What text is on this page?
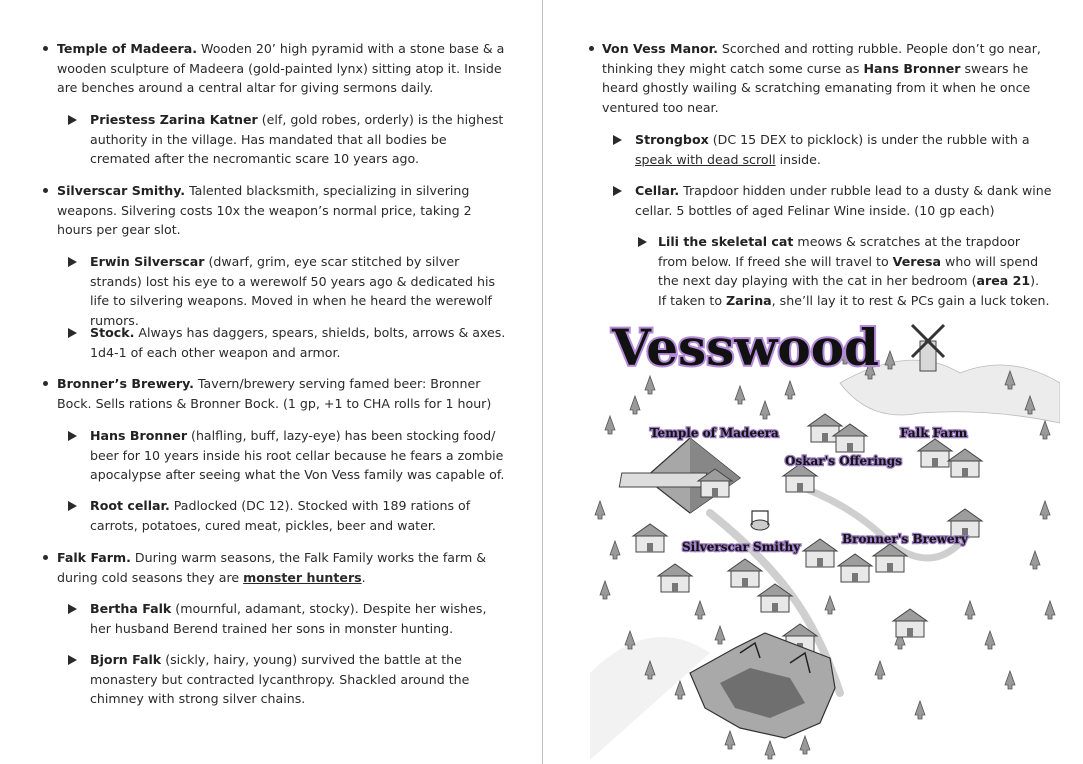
Temple of Madeera. Wooden 20’ high pyramid with a stone base & a wooden sculpture of Madeera (gold-painted lynx) sitting atop it. Inside are benches around a central altar for giving sermons daily.
Priestess Zarina Katner (elf, gold robes, orderly) is the highest authority in the village. Has mandated that all bodies be cremated after the necromantic scare 10 years ago.
Silverscar Smithy. Talented blacksmith, specializing in silvering weapons. Silvering costs 10x the weapon’s normal price, taking 2 hours per gear slot.
Erwin Silverscar (dwarf, grim, eye scar stitched by silver strands) lost his eye to a werewolf 50 years ago & dedicated his life to silvering weapons. Moved in when he heard the werewolf rumors.
Stock. Always has daggers, spears, shields, bolts, arrows & axes. 1d4-1 of each other weapon and armor.
Bronner’s Brewery. Tavern/brewery serving famed beer: Bronner Bock. Sells rations & Bronner Bock. (1 gp, +1 to CHA rolls for 1 hour)
Hans Bronner (halfling, buff, lazy-eye) has been stocking food/ beer for 10 years inside his root cellar because he fears a zombie apocalypse after seeing what the Von Vess family was capable of.
Root cellar. Padlocked (DC 12). Stocked with 189 rations of carrots, potatoes, cured meat, pickles, beer and water.
Falk Farm. During warm seasons, the Falk Family works the farm & during cold seasons they are monster hunters.
Bertha Falk (mournful, adamant, stocky). Despite her wishes, her husband Berend trained her sons in monster hunting.
Bjorn Falk (sickly, hairy, young) survived the battle at the monastery but contracted lycanthropy. Shackled around the chimney with strong silver chains.
Von Vess Manor. Scorched and rotting rubble. People don’t go near, thinking they might catch some curse as Hans Bronner swears he heard ghostly wailing & scratching emanating from it when he once ventured too near.
Strongbox (DC 15 DEX to picklock) is under the rubble with a speak with dead scroll inside.
Cellar. Trapdoor hidden under rubble lead to a dusty & dank wine cellar. 5 bottles of aged Felinar Wine inside. (10 gp each)
Lili the skeletal cat meows & scratches at the trapdoor from below. If freed she will travel to Veresa who will spend the next day playing with the cat in her bedroom (area 21).
If taken to Zarina, she’ll lay it to rest & PCs gain a luck token.
Vesswood
Temple of Madeera	Falk Farm
Oskar's Offerings
Silverscar Smithy
Bronner's Brewery
